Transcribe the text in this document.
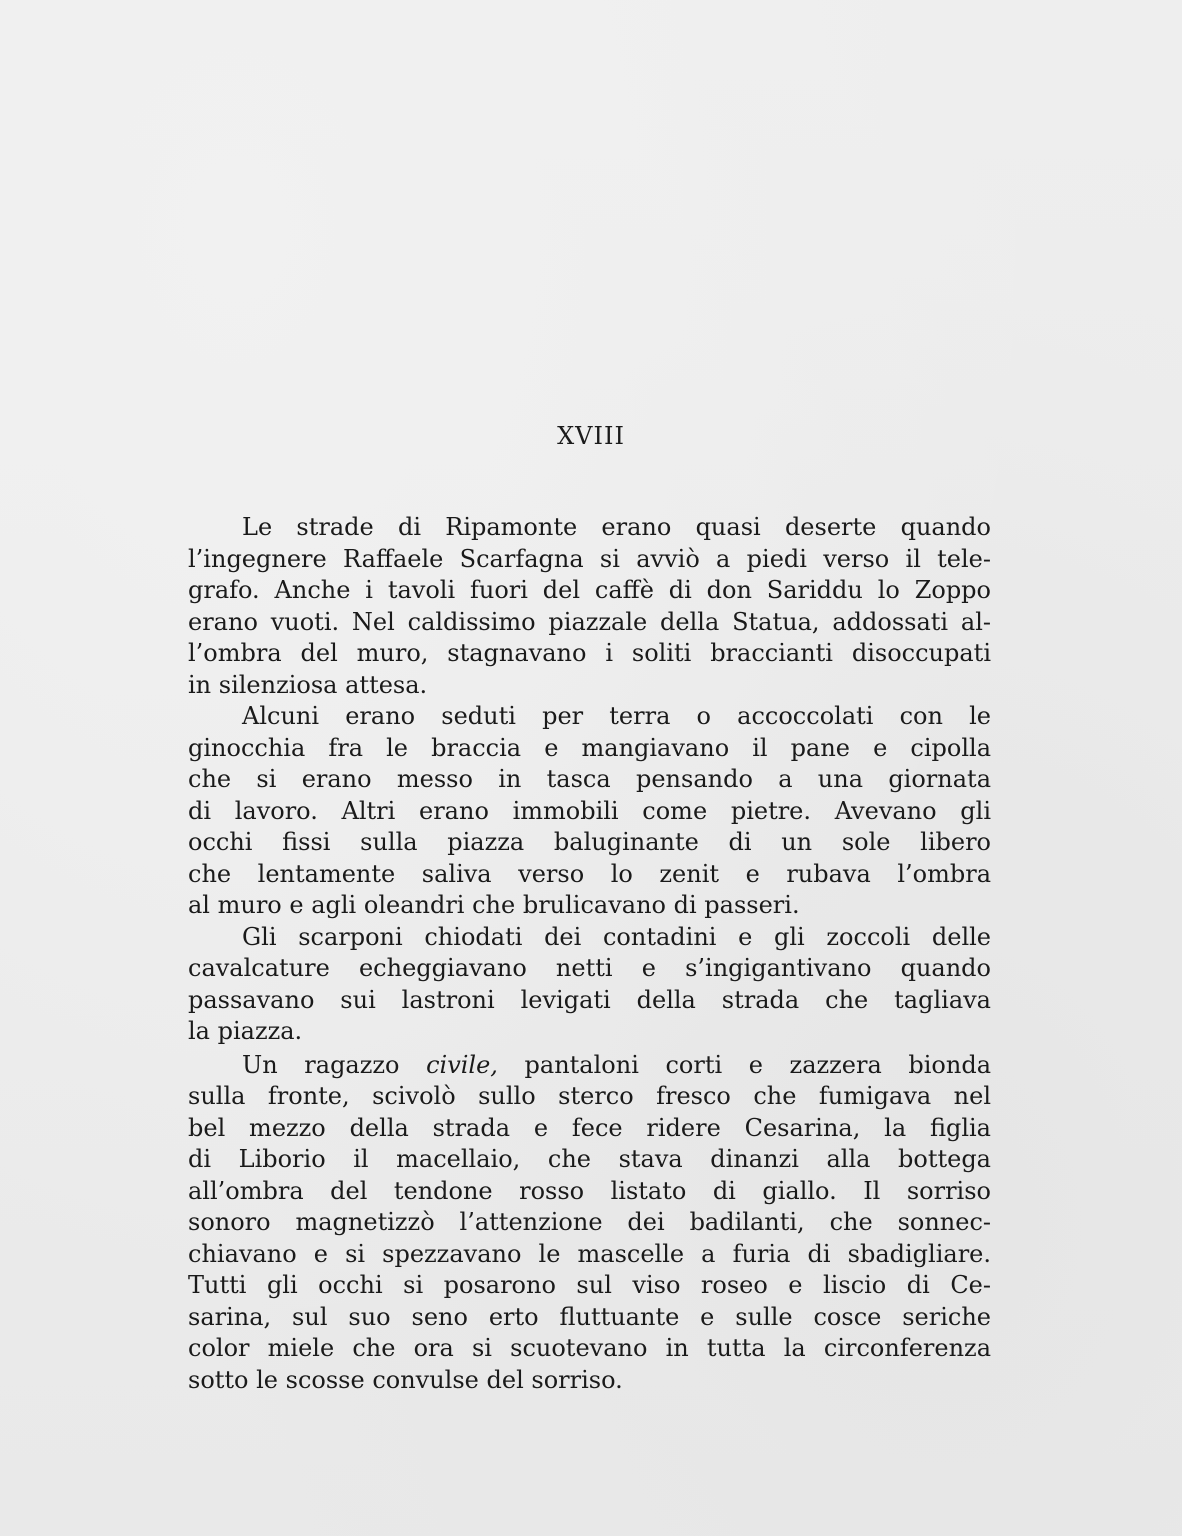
XVIII
Le strade di Ripamonte erano quasi deserte quando
l’ingegnere Raffaele Scarfagna si avviò a piedi verso il tele-
grafo. Anche i tavoli fuori del caffè di don Sariddu lo Zoppo
erano vuoti. Nel caldissimo piazzale della Statua, addossati al-
l’ombra del muro, stagnavano i soliti braccianti disoccupati
in silenziosa attesa.
Alcuni erano seduti per terra o accoccolati con le
ginocchia fra le braccia e mangiavano il pane e cipolla
che si erano messo in tasca pensando a una giornata
di lavoro. Altri erano immobili come pietre. Avevano gli
occhi fissi sulla piazza baluginante di un sole libero
che lentamente saliva verso lo zenit e rubava l’ombra
al muro e agli oleandri che brulicavano di passeri.
Gli scarponi chiodati dei contadini e gli zoccoli delle
cavalcature echeggiavano netti e s’ingigantivano quando
passavano sui lastroni levigati della strada che tagliava
la piazza.
Un ragazzo civile, pantaloni corti e zazzera bionda
sulla fronte, scivolò sullo sterco fresco che fumigava nel
bel mezzo della strada e fece ridere Cesarina, la figlia
di Liborio il macellaio, che stava dinanzi alla bottega
all’ombra del tendone rosso listato di giallo. Il sorriso
sonoro magnetizzò l’attenzione dei badilanti, che sonnec-
chiavano e si spezzavano le mascelle a furia di sbadigliare.
Tutti gli occhi si posarono sul viso roseo e liscio di Ce-
sarina, sul suo seno erto fluttuante e sulle cosce seriche
color miele che ora si scuotevano in tutta la circonferenza
sotto le scosse convulse del sorriso.
